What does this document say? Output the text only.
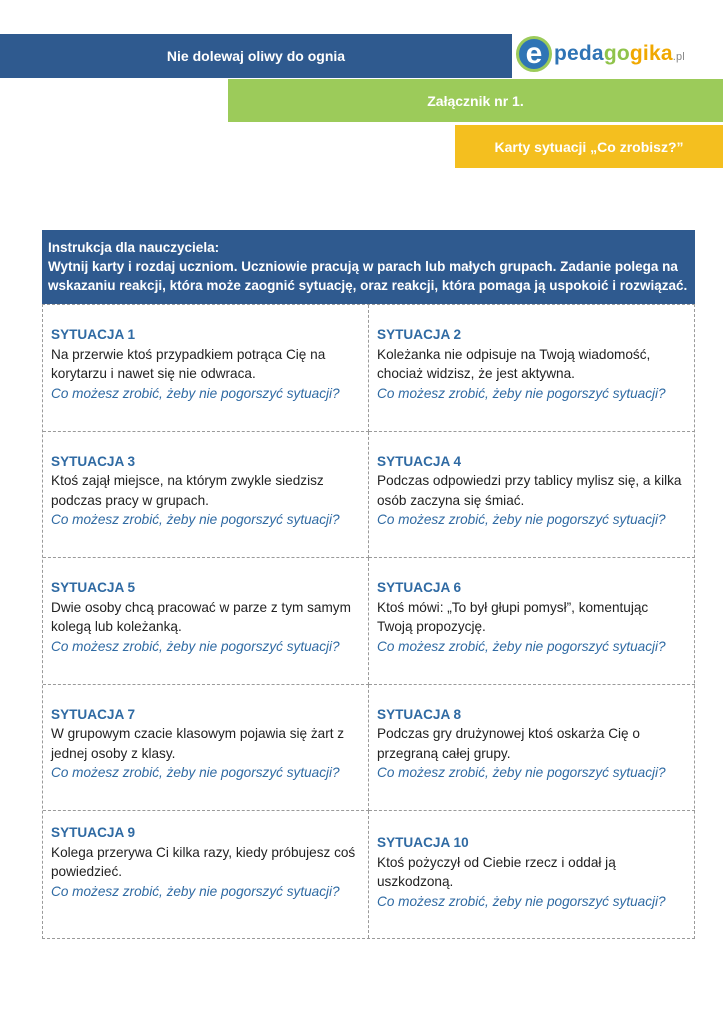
Nie dolewaj oliwy do ognia	e pedagogika.pl
Załącznik nr 1.
Karty sytuacji „Co zrobisz?”
Instrukcja dla nauczyciela:
Wytnij karty i rozdaj uczniom. Uczniowie pracują w parach lub małych grupach. Zadanie polega na wskazaniu reakcji, która może zaognić sytuację, oraz reakcji, która pomaga ją uspokoić i rozwiązać.
SYTUACJA 1
Na przerwie ktoś przypadkiem potrąca Cię na korytarzu i nawet się nie odwraca.
Co możesz zrobić, żeby nie pogorszyć sytuacji?
SYTUACJA 2
Koleżanka nie odpisuje na Twoją wiadomość, chociaż widzisz, że jest aktywna.
Co możesz zrobić, żeby nie pogorszyć sytuacji?
SYTUACJA 3
Ktoś zajął miejsce, na którym zwykle siedzisz podczas pracy w grupach.
Co możesz zrobić, żeby nie pogorszyć sytuacji?
SYTUACJA 4
Podczas odpowiedzi przy tablicy mylisz się, a kilka osób zaczyna się śmiać.
Co możesz zrobić, żeby nie pogorszyć sytuacji?
SYTUACJA 5
Dwie osoby chcą pracować w parze z tym samym kolegą lub koleżanką.
Co możesz zrobić, żeby nie pogorszyć sytuacji?
SYTUACJA 6
Ktoś mówi: „To był głupi pomysł”, komentując Twoją propozycję.
Co możesz zrobić, żeby nie pogorszyć sytuacji?
SYTUACJA 7
W grupowym czacie klasowym pojawia się żart z jednej osoby z klasy.
Co możesz zrobić, żeby nie pogorszyć sytuacji?
SYTUACJA 8
Podczas gry drużynowej ktoś oskarża Cię o przegraną całej grupy.
Co możesz zrobić, żeby nie pogorszyć sytuacji?
SYTUACJA 9
Kolega przerywa Ci kilka razy, kiedy próbujesz coś powiedzieć.
Co możesz zrobić, żeby nie pogorszyć sytuacji?
SYTUACJA 10
Ktoś pożyczył od Ciebie rzecz i oddał ją uszkodzoną.
Co możesz zrobić, żeby nie pogorszyć sytuacji?
